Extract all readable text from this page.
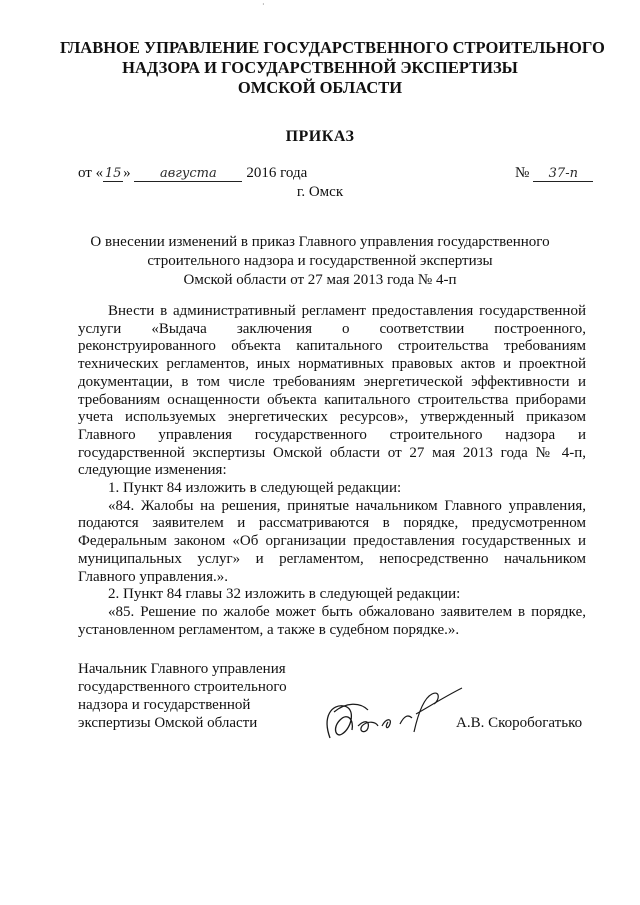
·
ГЛАВНОЕ УПРАВЛЕНИЕ ГОСУДАРСТВЕННОГО СТРОИТЕЛЬНОГО
НАДЗОРА И ГОСУДАРСТВЕННОЙ ЭКСПЕРТИЗЫ
ОМСКОЙ ОБЛАСТИ
ПРИКАЗ
от « 15 » августа 2016 года	№ 37-п
г. Омск
О внесении изменений в приказ Главного управления государственного
строительного надзора и государственной экспертизы
Омской области от 27 мая 2013 года № 4-п
Внести в административный регламент предоставления государственной услуги «Выдача заключения о соответствии построенного, реконструированного объекта капитального строительства требованиям технических регламентов, иных нормативных правовых актов и проектной документации, в том числе требованиям энергетической эффективности и требованиям оснащенности объекта капитального строительства приборами учета используемых энергетических ресурсов», утвержденный приказом Главного управления государственного строительного надзора и государственной экспертизы Омской области от 27 мая 2013 года № 4-п, следующие изменения:
1. Пункт 84 изложить в следующей редакции:
«84. Жалобы на решения, принятые начальником Главного управления, подаются заявителем и рассматриваются в порядке, предусмотренном Федеральным законом «Об организации предоставления государственных и муниципальных услуг» и регламентом, непосредственно начальником Главного управления.».
2. Пункт 84 главы 32 изложить в следующей редакции:
«85. Решение по жалобе может быть обжаловано заявителем в порядке, установленном регламентом, а также в судебном порядке.».
Начальник Главного управления
государственного строительного
надзора и государственной
экспертизы Омской области	А.В. Скоробогатько
